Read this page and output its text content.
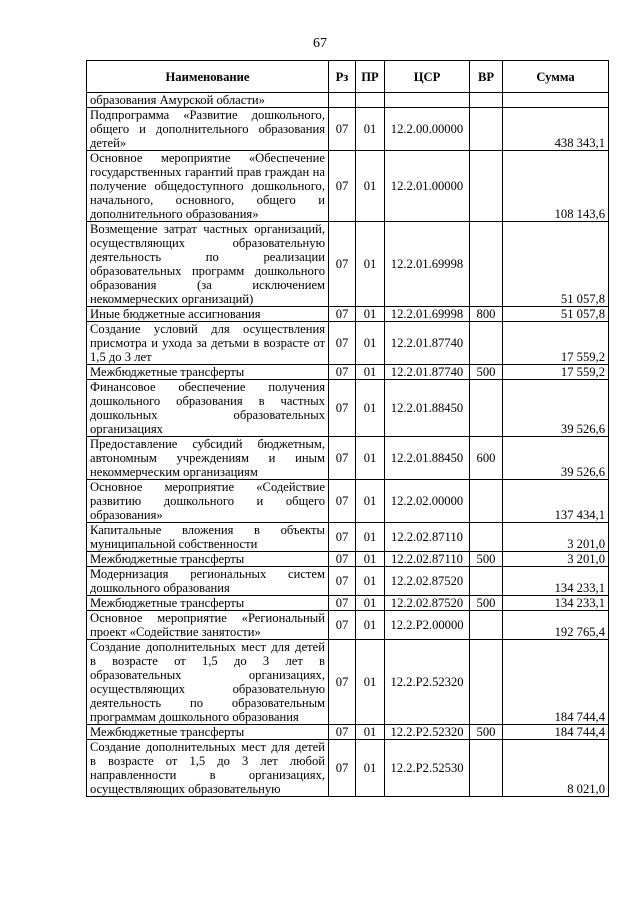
67
Наименование	Рз	ПР	ЦСР	ВР	Сумма
образования Амурской области»					
Подпрограмма «Развитие дошкольного, общего и дополнительного образования детей»	07	01	12.2.00.00000		438 343,1
Основное мероприятие «Обеспечение государственных гарантий прав граждан на получение общедоступного дошкольного, начального, основного, общего и дополнительного образования»	07	01	12.2.01.00000		108 143,6
Возмещение затрат частных организаций, осуществляющих образовательную деятельность по реализации образовательных программ дошкольного образования (за исключением некоммерческих организаций)	07	01	12.2.01.69998		51 057,8
Иные бюджетные ассигнования	07	01	12.2.01.69998	800	51 057,8
Создание условий для осуществления присмотра и ухода за детьми в возрасте от 1,5 до 3 лет	07	01	12.2.01.87740		17 559,2
Межбюджетные трансферты	07	01	12.2.01.87740	500	17 559,2
Финансовое обеспечение получения дошкольного образования в частных дошкольных образовательных организациях	07	01	12.2.01.88450		39 526,6
Предоставление субсидий бюджетным, автономным учреждениям и иным некоммерческим организациям	07	01	12.2.01.88450	600	39 526,6
Основное мероприятие «Содействие развитию дошкольного и общего образования»	07	01	12.2.02.00000		137 434,1
Капитальные вложения в объекты муниципальной собственности	07	01	12.2.02.87110		3 201,0
Межбюджетные трансферты	07	01	12.2.02.87110	500	3 201,0
Модернизация региональных систем дошкольного образования	07	01	12.2.02.87520		134 233,1
Межбюджетные трансферты	07	01	12.2.02.87520	500	134 233,1
Основное мероприятие «Региональный проект «Содействие занятости»	07	01	12.2.P2.00000		192 765,4
Создание дополнительных мест для детей в возрасте от 1,5 до 3 лет в образовательных организациях, осуществляющих образовательную деятельность по образовательным программам дошкольного образования	07	01	12.2.P2.52320		184 744,4
Межбюджетные трансферты	07	01	12.2.P2.52320	500	184 744,4
Создание дополнительных мест для детей в возрасте от 1,5 до 3 лет любой направленности в организациях, осуществляющих образовательную	07	01	12.2.P2.52530		8 021,0
